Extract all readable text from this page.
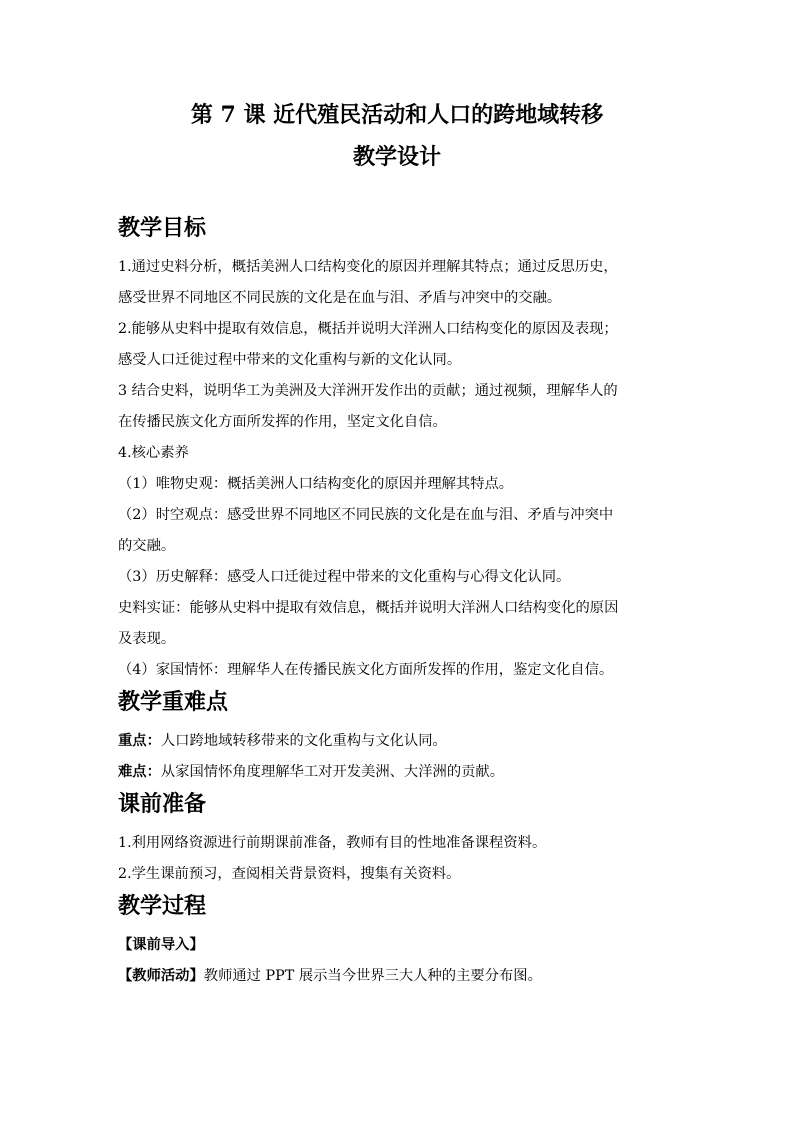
第 7 课 近代殖民活动和人口的跨地域转移
教学设计
教学目标

1.通过史料分析，概括美洲人口结构变化的原因并理解其特点；通过反思历史，

感受世界不同地区不同民族的文化是在血与泪、矛盾与冲突中的交融。

2.能够从史料中提取有效信息，概括并说明大洋洲人口结构变化的原因及表现；

感受人口迁徙过程中带来的文化重构与新的文化认同。

3 结合史料，说明华工为美洲及大洋洲开发作出的贡献；通过视频，理解华人的

在传播民族文化方面所发挥的作用，坚定文化自信。

4.核心素养

（1）唯物史观：概括美洲人口结构变化的原因并理解其特点。

（2）时空观点：感受世界不同地区不同民族的文化是在血与泪、矛盾与冲突中

的交融。

（3）历史解释：感受人口迁徙过程中带来的文化重构与心得文化认同。

史料实证：能够从史料中提取有效信息，概括并说明大洋洲人口结构变化的原因

及表现。

（4）家国情怀：理解华人在传播民族文化方面所发挥的作用，鉴定文化自信。

教学重难点

重点：人口跨地域转移带来的文化重构与文化认同。

难点：从家国情怀角度理解华工对开发美洲、大洋洲的贡献。

课前准备

1.利用网络资源进行前期课前准备，教师有目的性地准备课程资料。

2.学生课前预习，查阅相关背景资料，搜集有关资料。

教学过程

【课前导入】

【教师活动】教师通过 PPT 展示当今世界三大人种的主要分布图。
